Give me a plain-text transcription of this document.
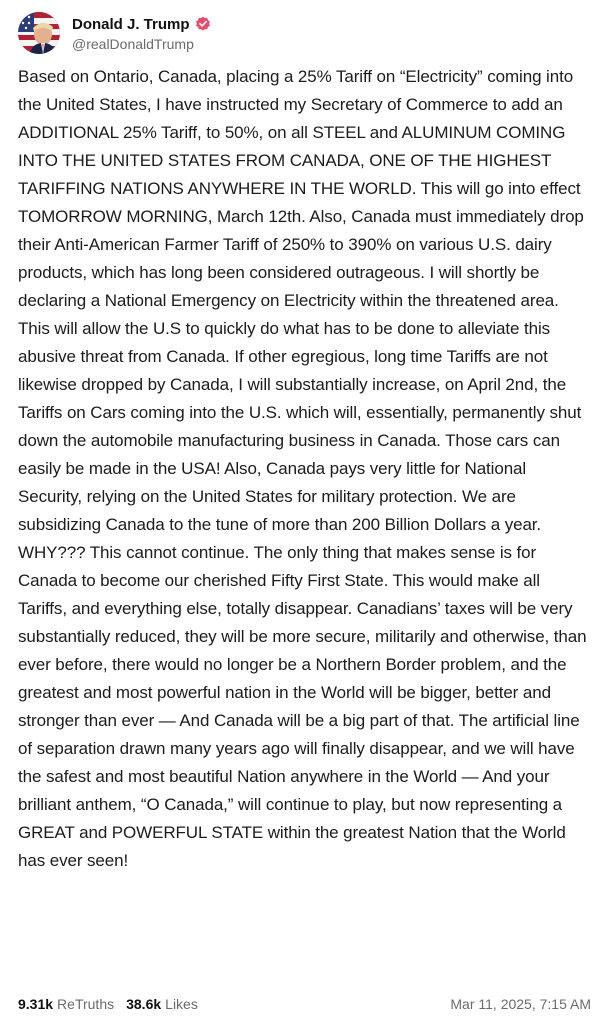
Donald J. Trump
@realDonaldTrump
Based on Ontario, Canada, placing a 25% Tariff on “Electricity” coming into the United States, I have instructed my Secretary of Commerce to add an ADDITIONAL 25% Tariff, to 50%, on all STEEL and ALUMINUM COMING INTO THE UNITED STATES FROM CANADA, ONE OF THE HIGHEST TARIFFING NATIONS ANYWHERE IN THE WORLD. This will go into effect TOMORROW MORNING, March 12th. Also, Canada must immediately drop their Anti-American Farmer Tariff of 250% to 390% on various U.S. dairy products, which has long been considered outrageous. I will shortly be declaring a National Emergency on Electricity within the threatened area. This will allow the U.S to quickly do what has to be done to alleviate this abusive threat from Canada. If other egregious, long time Tariffs are not likewise dropped by Canada, I will substantially increase, on April 2nd, the Tariffs on Cars coming into the U.S. which will, essentially, permanently shut down the automobile manufacturing business in Canada. Those cars can easily be made in the USA! Also, Canada pays very little for National Security, relying on the United States for military protection. We are subsidizing Canada to the tune of more than 200 Billion Dollars a year. WHY??? This cannot continue. The only thing that makes sense is for Canada to become our cherished Fifty First State. This would make all Tariffs, and everything else, totally disappear. Canadians’ taxes will be very substantially reduced, they will be more secure, militarily and otherwise, than ever before, there would no longer be a Northern Border problem, and the greatest and most powerful nation in the World will be bigger, better and stronger than ever — And Canada will be a big part of that. The artificial line of separation drawn many years ago will finally disappear, and we will have the safest and most beautiful Nation anywhere in the World — And your brilliant anthem, “O Canada,” will continue to play, but now representing a GREAT and POWERFUL STATE within the greatest Nation that the World has ever seen!
9.31k ReTruths 38.6k Likes	Mar 11, 2025, 7:15 AM
